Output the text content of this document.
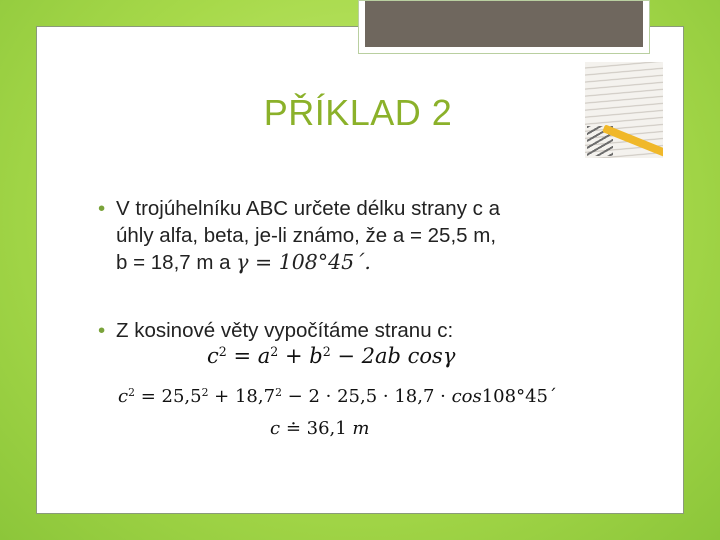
PŘÍKLAD 2
• V trojúhelníku ABC určete délku strany c a
úhly alfa, beta, je-li známo, že a = 25,5 m,
b = 18,7 m a γ = 108°45´.
• Z kosinové věty vypočítáme stranu c:
$c^2 = a^2 + b^2 - 2ab$ cosγ
$c^2 = 25,5^2 + 18,7^2 - 2 \cdot 25,5 \cdot 18,7$ · cos108°45´
c ≐ 36,1 m
